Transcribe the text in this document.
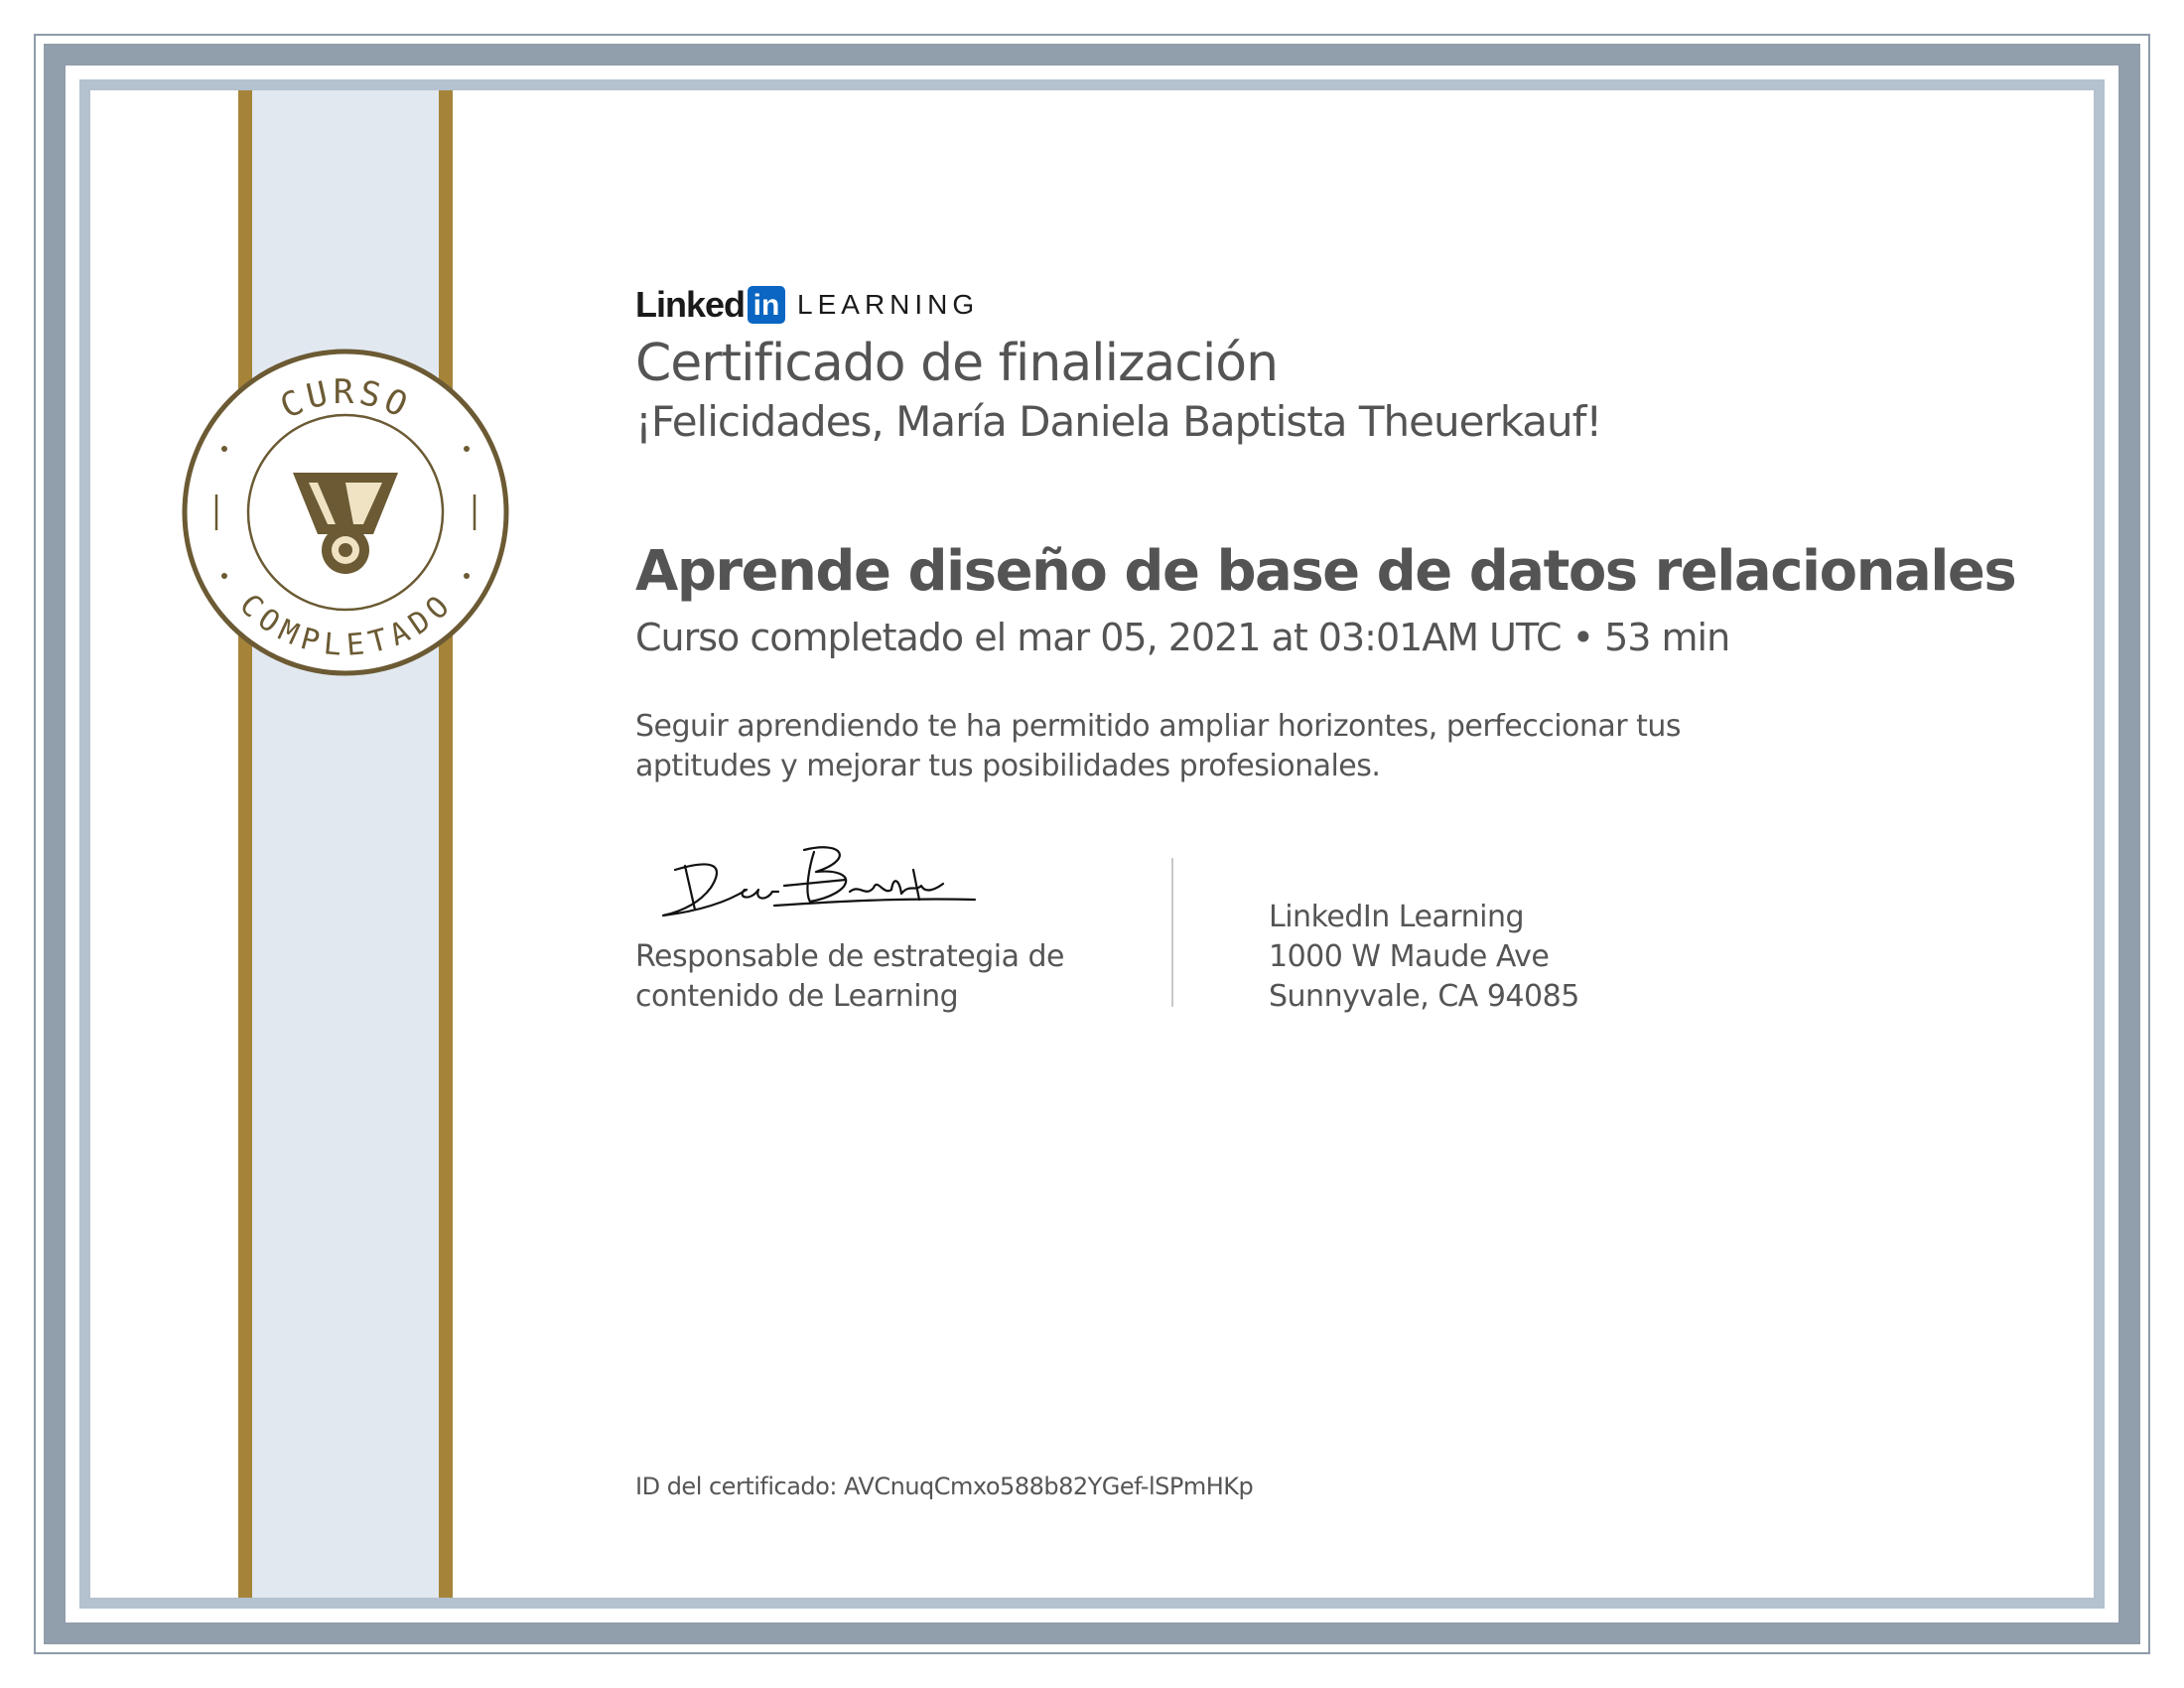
CURSO
COMPLETADO
Linked in LEARNING
Certificado de finalización
¡Felicidades, María Daniela Baptista Theuerkauf!
Aprende diseño de base de datos relacionales
Curso completado el mar 05, 2021 at 03:01AM UTC • 53 min
Seguir aprendiendo te ha permitido ampliar horizontes, perfeccionar tus
aptitudes y mejorar tus posibilidades profesionales.
Responsable de estrategia de
contenido de Learning
LinkedIn Learning
1000 W Maude Ave
Sunnyvale, CA 94085
ID del certificado: AVCnuqCmxo588b82YGef-lSPmHKp
